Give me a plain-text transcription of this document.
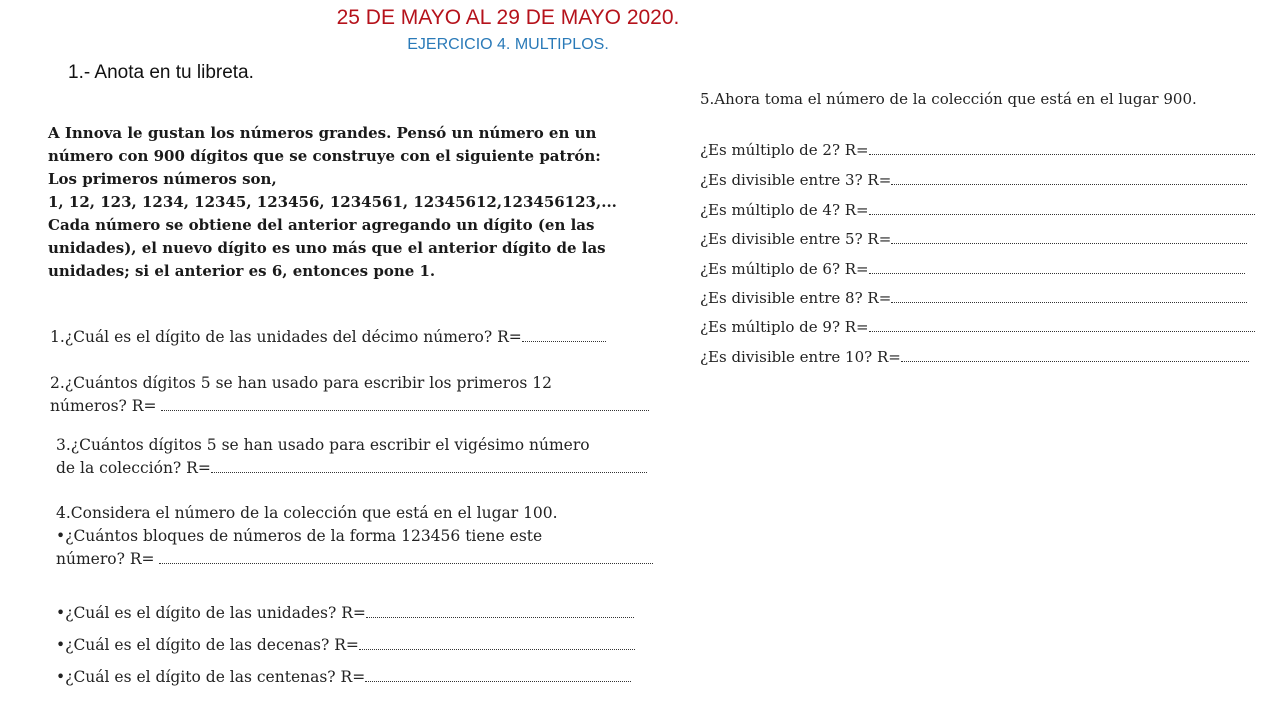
25 DE MAYO AL 29 DE MAYO 2020.
EJERCICIO 4. MULTIPLOS.
1.- Anota en tu libreta.
A Innova le gustan los números grandes. Pensó un número en un
número con 900 dígitos que se construye con el siguiente patrón:
Los primeros números son,
1, 12, 123, 1234, 12345, 123456, 1234561, 12345612,123456123,...
Cada número se obtiene del anterior agregando un dígito (en las
unidades), el nuevo dígito es uno más que el anterior dígito de las
unidades; si el anterior es 6, entonces pone 1.
1.¿Cuál es el dígito de las unidades del décimo número? R=
2.¿Cuántos dígitos 5 se han usado para escribir los primeros 12
números? R=
3.¿Cuántos dígitos 5 se han usado para escribir el vigésimo número
de la colección? R=
4.Considera el número de la colección que está en el lugar 100.
•¿Cuántos bloques de números de la forma 123456 tiene este
número? R=
•¿Cuál es el dígito de las unidades? R=
•¿Cuál es el dígito de las decenas? R=
•¿Cuál es el dígito de las centenas? R=
5.Ahora toma el número de la colección que está en el lugar 900.
¿Es múltiplo de 2? R=
¿Es divisible entre 3? R=
¿Es múltiplo de 4? R=
¿Es divisible entre 5? R=
¿Es múltiplo de 6? R=
¿Es divisible entre 8? R=
¿Es múltiplo de 9? R=
¿Es divisible entre 10? R=
